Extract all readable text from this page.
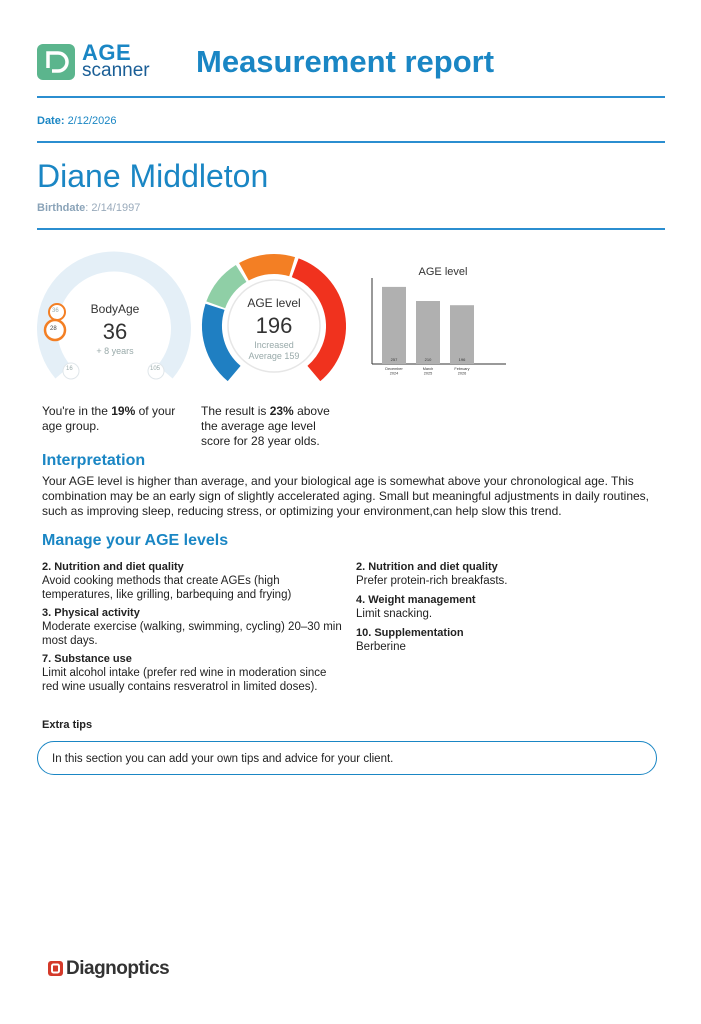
AGE
scanner Measurement report
Date: 2/12/2026
Diane Middleton
Birthdate: 2/14/1997
16	105
36
28
BodyAge
36
+ 8 years
You're in the 19% of your age group.
AGE level
196
Increased
Average 159
The result is 23% above the average age level score for 28 year olds.
AGE level
257
December
2024
210
March
2025
196
February
2026
Interpretation
Your AGE level is higher than average, and your biological age is somewhat above your chronological age. This combination may be an early sign of slightly accelerated aging. Small but meaningful adjustments in daily routines, such as improving sleep, reducing stress, or optimizing your environment,can help slow this trend.
Manage your AGE levels
2. Nutrition and diet quality
Avoid cooking methods that create AGEs (high temperatures, like grilling, barbequing and frying)
3. Physical activity
Moderate exercise (walking, swimming, cycling) 20–30 min most days.
7. Substance use
Limit alcohol intake (prefer red wine in moderation since red wine usually contains resveratrol in limited doses).
2. Nutrition and diet quality
Prefer protein-rich breakfasts.
4. Weight management
Limit snacking.
10. Supplementation
Berberine
Extra tips
In this section you can add your own tips and advice for your client.
Diagnoptics
